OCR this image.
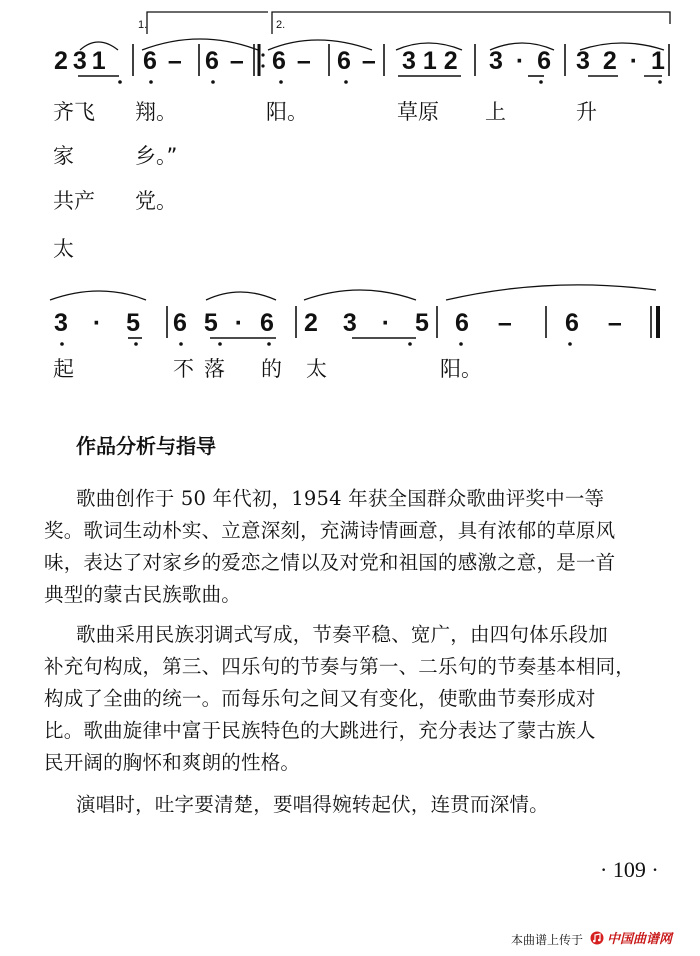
1.	2.
2 3 1 6 – 6 – 6 – 6 – 3 1 2 3 · 6 3 2 · 1
齐飞 翔。	阳。	草原 上	升
家	乡。”
共产 党。
太
3 · 5 6 5 · 6 2 3 · 5 6 – 6 –
起	不落 的 太	阳。
作品分析与指导
歌曲创作于 50 年代初，1954 年获全国群众歌曲评奖中一等
奖。歌词生动朴实、立意深刻，充满诗情画意，具有浓郁的草原风
味，表达了对家乡的爱恋之情以及对党和祖国的感激之意，是一首
典型的蒙古民族歌曲。
歌曲采用民族羽调式写成，节奏平稳、宽广，由四句体乐段加
补充句构成，第三、四乐句的节奏与第一、二乐句的节奏基本相同，
构成了全曲的统一。而每乐句之间又有变化，使歌曲节奏形成对
比。歌曲旋律中富于民族特色的大跳进行，充分表达了蒙古族人
民开阔的胸怀和爽朗的性格。
演唱时，吐字要清楚，要唱得婉转起伏，连贯而深情。
· 109 ·
本曲谱上传于 中国曲谱网
